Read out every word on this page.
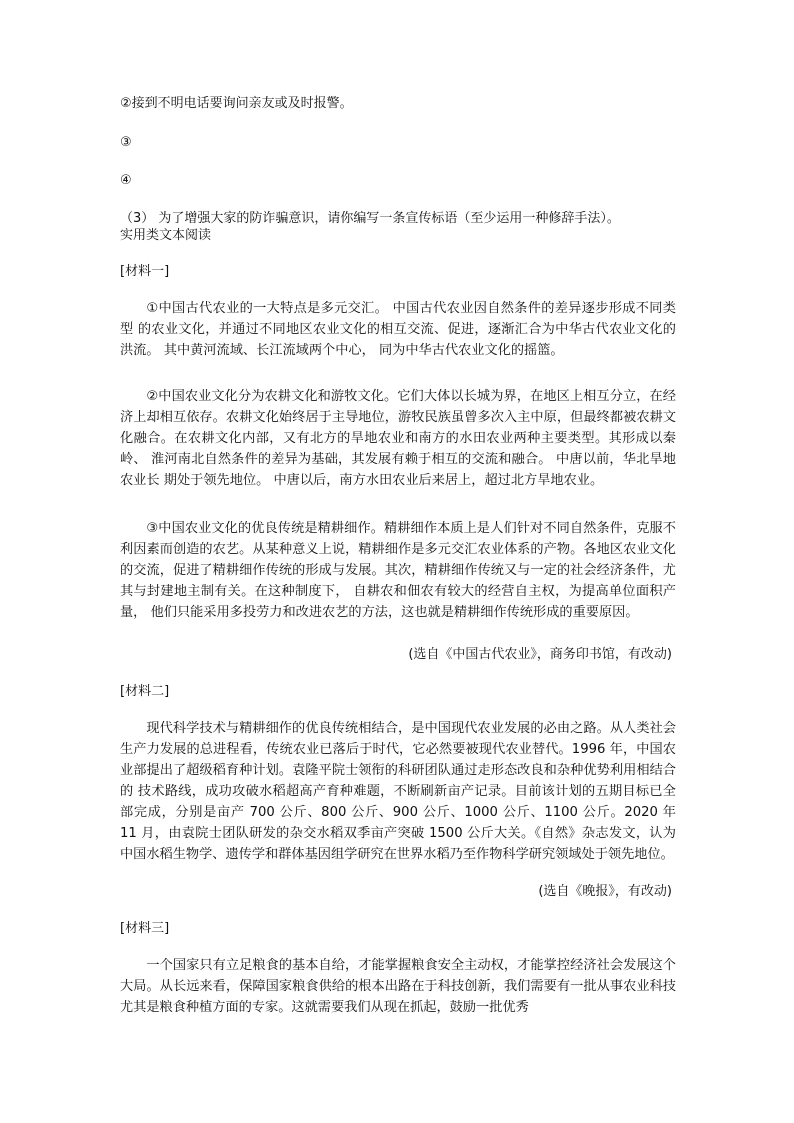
②接到不明电话要询问亲友或及时报警。

③

④

（3） 为了增强大家的防诈骗意识，请你编写一条宣传标语（至少运用一种修辞手法）。

实用类文本阅读

[材料一]

①中国古代农业的一大特点是多元交汇。 中国古代农业因自然条件的差异逐步形成不同类型 的农业文化，并通过不同地区农业文化的相互交流、促进，逐渐汇合为中华古代农业文化的洪流。 其中黄河流域、长江流域两个中心， 同为中华古代农业文化的摇篮。

②中国农业文化分为农耕文化和游牧文化。它们大体以长城为界，在地区上相互分立，在经济上却相互依存。农耕文化始终居于主导地位，游牧民族虽曾多次入主中原，但最终都被农耕文化融合。在农耕文化内部，又有北方的旱地农业和南方的水田农业两种主要类型。其形成以秦岭、 淮河南北自然条件的差异为基础，其发展有赖于相互的交流和融合。 中唐以前，华北旱地农业长 期处于领先地位。 中唐以后，南方水田农业后来居上，超过北方旱地农业。

③中国农业文化的优良传统是精耕细作。精耕细作本质上是人们针对不同自然条件，克服不 利因素而创造的农艺。从某种意义上说，精耕细作是多元交汇农业体系的产物。各地区农业文化 的交流，促进了精耕细作传统的形成与发展。其次，精耕细作传统又与一定的社会经济条件，尤 其与封建地主制有关。在这种制度下， 自耕农和佃农有较大的经营自主权，为提高单位面积产量， 他们只能采用多投劳力和改进农艺的方法，这也就是精耕细作传统形成的重要原因。

(选自《中国古代农业》，商务印书馆，有改动)

[材料二]

现代科学技术与精耕细作的优良传统相结合，是中国现代农业发展的必由之路。从人类社会 生产力发展的总进程看，传统农业已落后于时代，它必然要被现代农业替代。1996 年，中国农业部提出了超级稻育种计划。袁隆平院士领衔的科研团队通过走形态改良和杂种优势利用相结合的 技术路线，成功攻破水稻超高产育种难题，不断刷新亩产记录。目前该计划的五期目标已全部完成，分别是亩产 700 公斤、800 公斤、900 公斤、1000 公斤、1100 公斤。2020 年 11 月，由袁院士团队研发的杂交水稻双季亩产突破 1500 公斤大关。《自然》杂志发文，认为中国水稻生物学、遗传学和群体基因组学研究在世界水稻乃至作物科学研究领域处于领先地位。

(选自《晚报》，有改动)

[材料三]

一个国家只有立足粮食的基本自给，才能掌握粮食安全主动权，才能掌控经济社会发展这个 大局。从长远来看，保障国家粮食供给的根本出路在于科技创新，我们需要有一批从事农业科技 尤其是粮食种植方面的专家。这就需要我们从现在抓起，鼓励一批优秀
